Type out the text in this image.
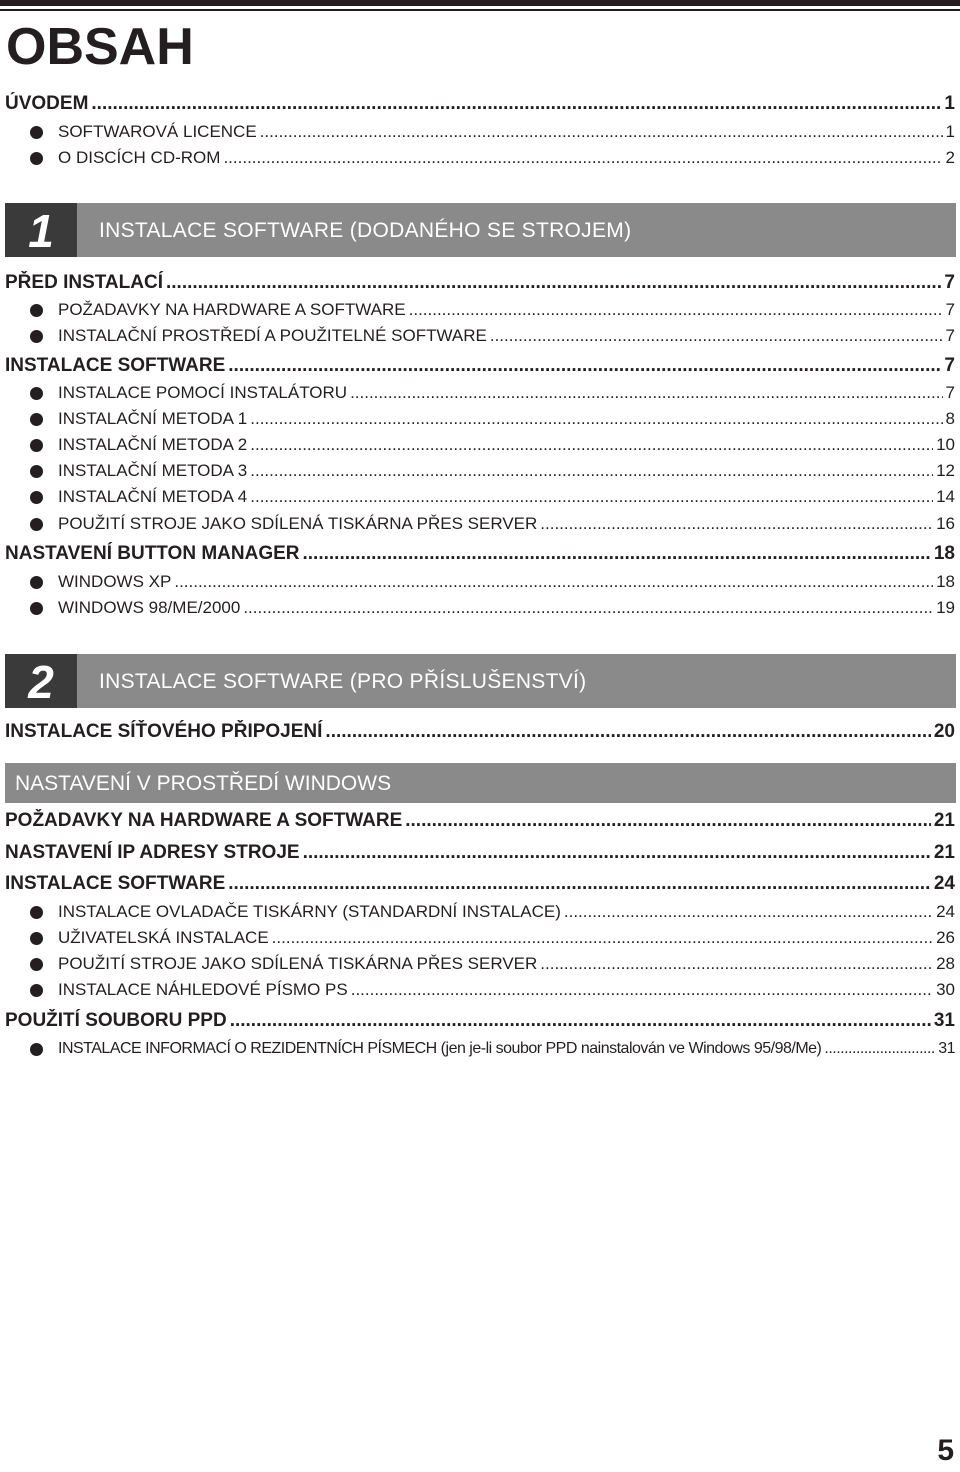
OBSAH
ÚVODEM .....	1
SOFTWAROVÁ LICENCE .....	1
O DISCÍCH CD-ROM .....	2
1	INSTALACE SOFTWARE (DODANÉHO SE STROJEM)
PŘED INSTALACÍ .....	7
POŽADAVKY NA HARDWARE A SOFTWARE .....	7
INSTALAČNÍ PROSTŘEDÍ A POUŽITELNÉ SOFTWARE .....	7
INSTALACE SOFTWARE .....	7
INSTALACE POMOCÍ INSTALÁTORU .....	7
INSTALAČNÍ METODA 1 .....	8
INSTALAČNÍ METODA 2 .....	10
INSTALAČNÍ METODA 3 .....	12
INSTALAČNÍ METODA 4 .....	14
POUŽITÍ STROJE JAKO SDÍLENÁ TISKÁRNA PŘES SERVER .....	16
NASTAVENÍ BUTTON MANAGER .....	18
WINDOWS XP .....	18
WINDOWS 98/ME/2000 .....	19
2	INSTALACE SOFTWARE (PRO PŘÍSLUŠENSTVÍ)
INSTALACE SÍŤOVÉHO PŘIPOJENÍ .....	20
NASTAVENÍ V PROSTŘEDÍ WINDOWS
POŽADAVKY NA HARDWARE A SOFTWARE .....	21
NASTAVENÍ IP ADRESY STROJE .....	21
INSTALACE SOFTWARE .....	24
INSTALACE OVLADAČE TISKÁRNY (STANDARDNÍ INSTALACE) .....	24
UŽIVATELSKÁ INSTALACE .....	26
POUŽITÍ STROJE JAKO SDÍLENÁ TISKÁRNA PŘES SERVER .....	28
INSTALACE NÁHLEDOVÉ PÍSMO PS .....	30
POUŽITÍ SOUBORU PPD .....	31
INSTALACE INFORMACÍ O REZIDENTNÍCH PÍSMECH (jen je-li soubor PPD nainstalován ve Windows 95/98/Me) .....	31
5
